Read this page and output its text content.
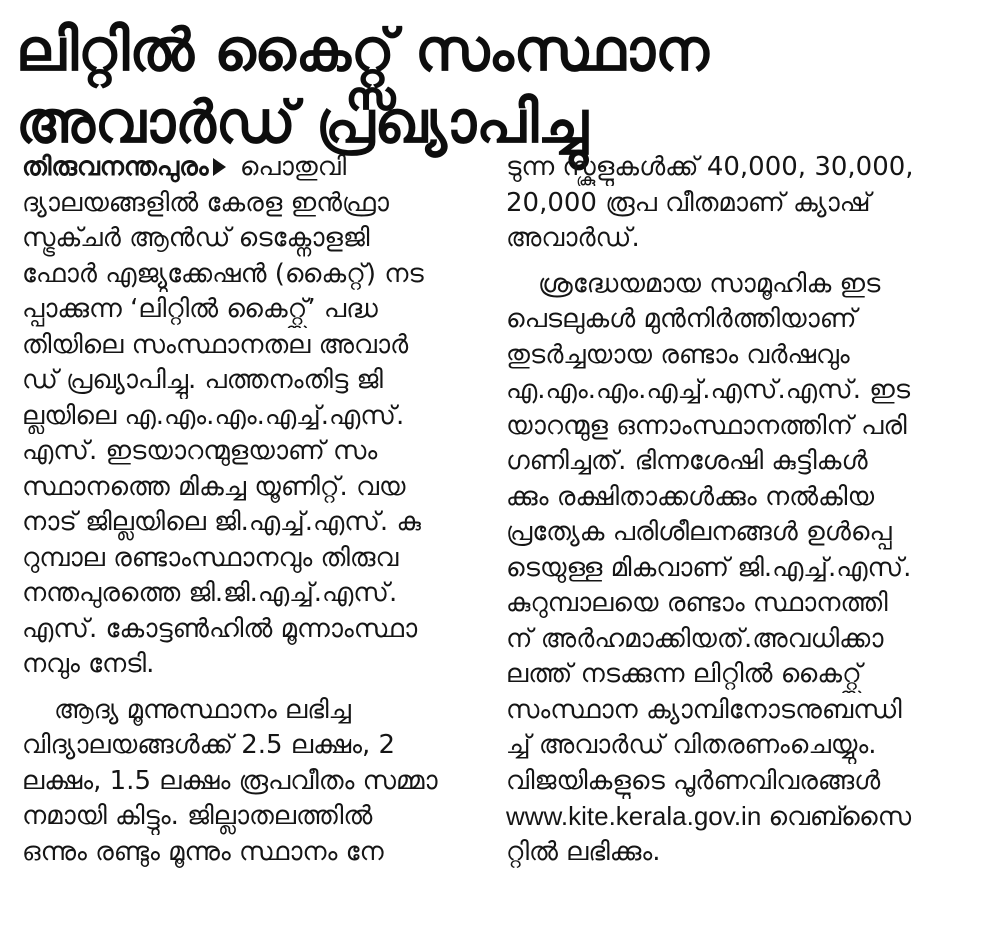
ലിറ്റിൽ കൈറ്റ്സ് സംസ്ഥാന
അവാർഡ് പ്രഖ്യാപിച്ചു

തിരുവനന്തപുരം പൊതുവി
ദ്യാലയങ്ങളിൽ കേരള ഇൻഫ്രാ
സ്ട്രക്ചർ ആൻഡ് ടെക്നോളജി
ഫോർ എജ്യുക്കേഷൻ (കൈറ്റ്) നട
പ്പാക്കുന്ന ‘ലിറ്റിൽ കൈറ്റ്സ്’ പദ്ധ
തിയിലെ സംസ്ഥാനതല അവാർ
ഡ് പ്രഖ്യാപിച്ചു. പത്തനംതിട്ട ജി
ല്ലയിലെ എ.എം.എം.എച്ച്.എസ്.
എസ്. ഇടയാറന്മുളയാണ് സം
സ്ഥാനത്തെ മികച്ച യൂണിറ്റ്. വയ
നാട് ജില്ലയിലെ ജി.എച്ച്.എസ്. കു
റുമ്പാല രണ്ടാംസ്ഥാനവും തിരുവ
നന്തപുരത്തെ ജി.ജി.എച്ച്.എസ്.
എസ്. കോട്ടൺഹിൽ മൂന്നാംസ്ഥാ
നവും നേടി.

ആദ്യ മൂന്നുസ്ഥാനം ലഭിച്ച
വിദ്യാലയങ്ങൾക്ക് 2.5 ലക്ഷം, 2
ലക്ഷം, 1.5 ലക്ഷം രൂപവീതം സമ്മാ
നമായി കിട്ടും. ജില്ലാതലത്തിൽ
ഒന്നും രണ്ടും മൂന്നും സ്ഥാനം നേ

ടുന്ന സ്കൂളുകൾക്ക് 40,000, 30,000,
20,000 രൂപ വീതമാണ് ക്യാഷ്
അവാർഡ്.

ശ്രദ്ധേയമായ സാമൂഹിക ഇട
പെടലുകൾ മുൻനിർത്തിയാണ്
തുടർച്ചയായ രണ്ടാം വർഷവും
എ.എം.എം.എച്ച്.എസ്.എസ്. ഇട
യാറന്മുള ഒന്നാംസ്ഥാനത്തിന് പരി
ഗണിച്ചത്. ഭിന്നശേഷി കുട്ടികൾ
ക്കും രക്ഷിതാക്കൾക്കും നൽകിയ
പ്രത്യേക പരിശീലനങ്ങൾ ഉൾപ്പെ
ടെയുള്ള മികവാണ് ജി.എച്ച്.എസ്.
കുറുമ്പാലയെ രണ്ടാം സ്ഥാനത്തി
ന് അർഹമാക്കിയത്.അവധിക്കാ
ലത്ത് നടക്കുന്ന ലിറ്റിൽ കൈറ്റ്സ്
സംസ്ഥാന ക്യാമ്പിനോടനുബന്ധി
ച്ച് അവാർഡ് വിതരണംചെയ്യും.
വിജയികളുടെ പൂർണവിവരങ്ങൾ
www.kite.kerala.gov.in വെബ്സൈ
റ്റിൽ ലഭിക്കും.
